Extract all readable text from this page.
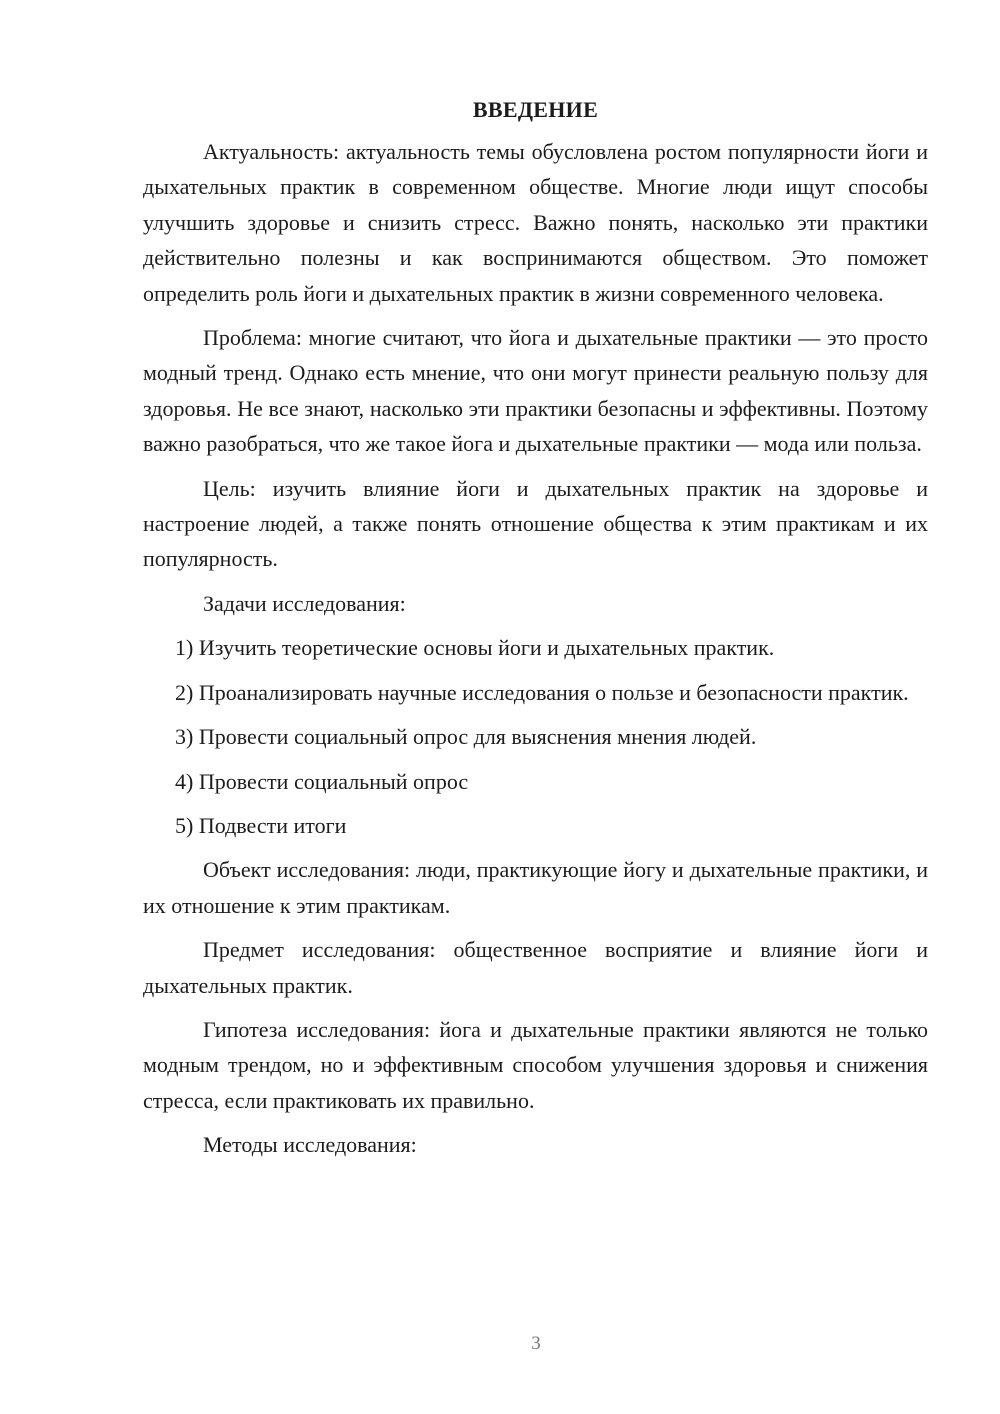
ВВЕДЕНИЕ

Актуальность: актуальность темы обусловлена ростом популярности йоги и дыхательных практик в современном обществе. Многие люди ищут способы улучшить здоровье и снизить стресс. Важно понять, насколько эти практики действительно полезны и как воспринимаются обществом. Это поможет определить роль йоги и дыхательных практик в жизни современного человека.

Проблема: многие считают, что йога и дыхательные практики — это просто модный тренд. Однако есть мнение, что они могут принести реальную пользу для здоровья. Не все знают, насколько эти практики безопасны и эффективны. Поэтому важно разобраться, что же такое йога и дыхательные практики — мода или польза.

Цель: изучить влияние йоги и дыхательных практик на здоровье и настроение людей, а также понять отношение общества к этим практикам и их популярность.

Задачи исследования:

1) Изучить теоретические основы йоги и дыхательных практик.

2) Проанализировать научные исследования о пользе и безопасности практик.

3) Провести социальный опрос для выяснения мнения людей.

4) Провести социальный опрос

5) Подвести итоги

Объект исследования: люди, практикующие йогу и дыхательные практики, и их отношение к этим практикам.

Предмет исследования: общественное восприятие и влияние йоги и дыхательных практик.

Гипотеза исследования: йога и дыхательные практики являются не только модным трендом, но и эффективным способом улучшения здоровья и снижения стресса, если практиковать их правильно.

Методы исследования:

3
